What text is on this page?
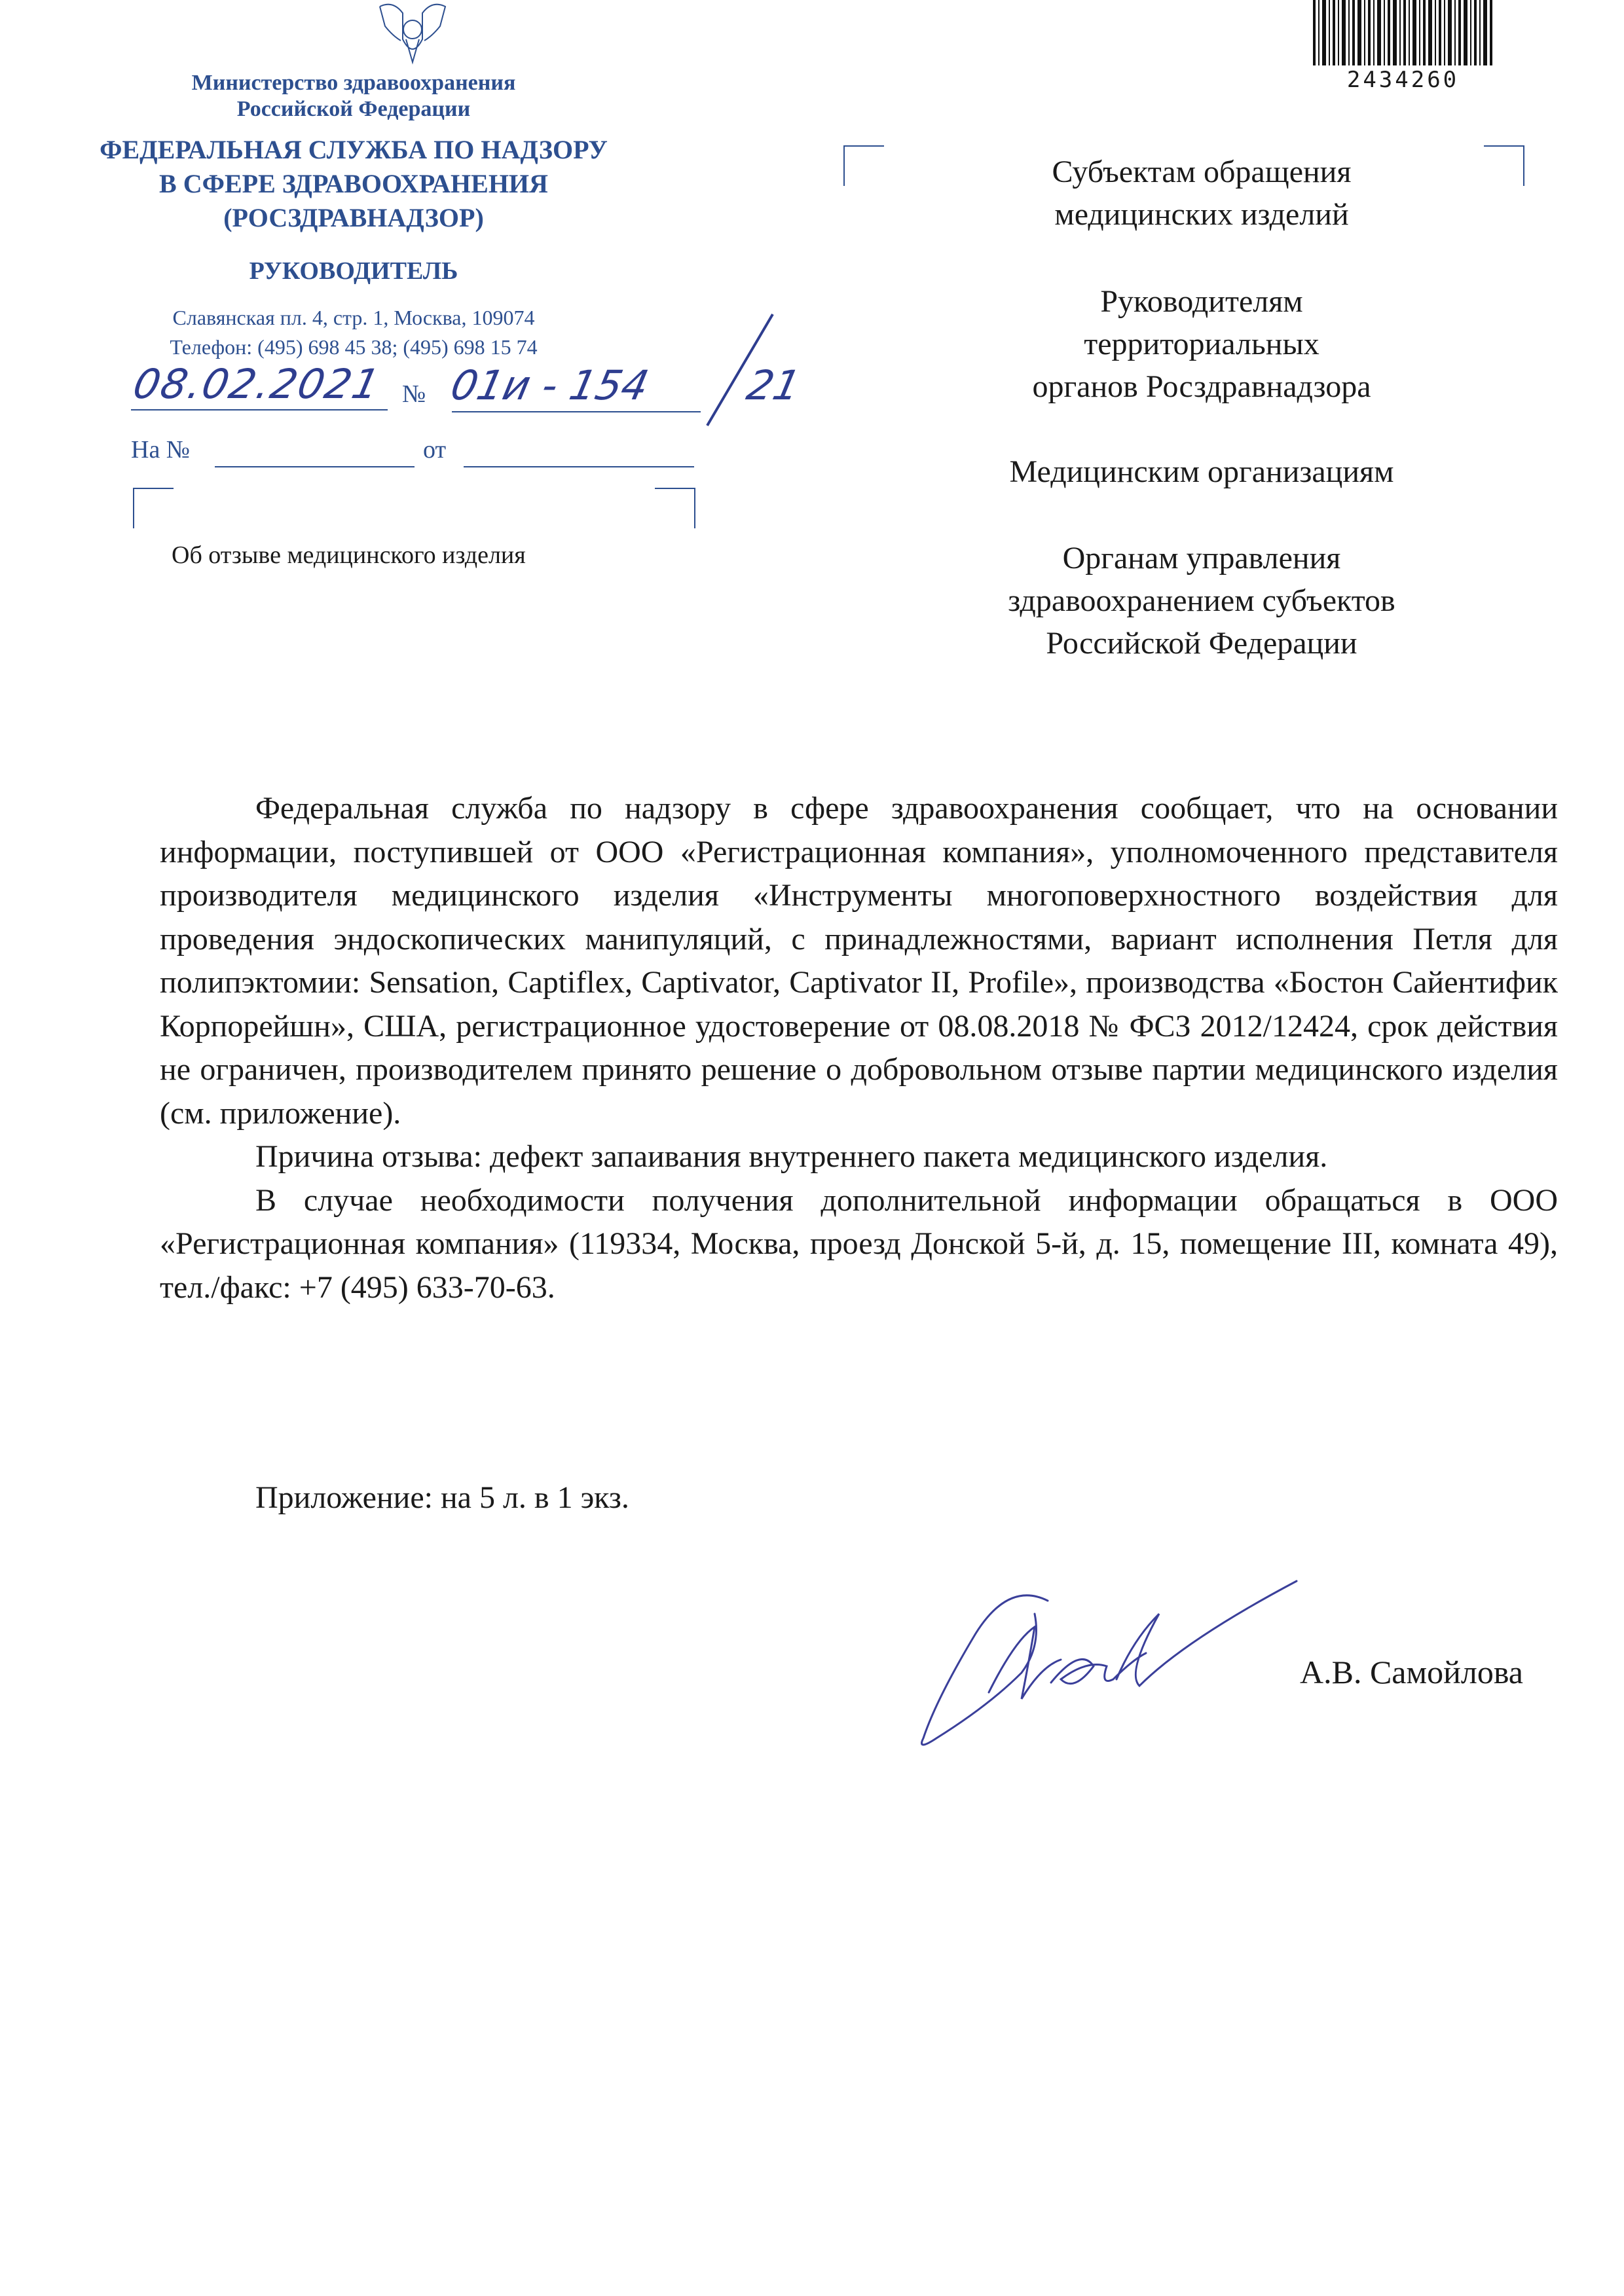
Министерство здравоохранения
Российской Федерации
ФЕДЕРАЛЬНАЯ СЛУЖБА ПО НАДЗОРУ
В СФЕРЕ ЗДРАВООХРАНЕНИЯ
(РОСЗДРАВНАДЗОР)
РУКОВОДИТЕЛЬ
Славянская пл. 4, стр. 1, Москва, 109074
Телефон: (495) 698 45 38; (495) 698 15 74
08.02.2021 № 01и - 154 21
На №	от
Об отзыве медицинского изделия
2434260
Субъектам обращения
медицинских изделий
Руководителям
территориальных
органов Росздравнадзора
Медицинским организациям
Органам управления
здравоохранением субъектов
Российской Федерации

Федеральная служба по надзору в сфере здравоохранения сообщает, что на основании информации, поступившей от ООО «Регистрационная компания», уполномоченного представителя производителя медицинского изделия «Инструменты многоповерхностного воздействия для проведения эндоскопических манипуляций, с принадлежностями, вариант исполнения Петля для полипэктомии: Sensation, Captiflex, Captivator, Captivator II, Profile», производства «Бостон Сайентифик Корпорейшн», США, регистрационное удостоверение от 08.08.2018 № ФСЗ 2012/12424, срок действия не ограничен, производителем принято решение о добровольном отзыве партии медицинского изделия (см. приложение).

Причина отзыва: дефект запаивания внутреннего пакета медицинского изделия.

В случае необходимости получения дополнительной информации обращаться в ООО «Регистрационная компания» (119334, Москва, проезд Донской 5-й, д. 15, помещение III, комната 49), тел./факс: +7 (495) 633-70-63.

Приложение: на 5 л. в 1 экз.
А.В. Самойлова
